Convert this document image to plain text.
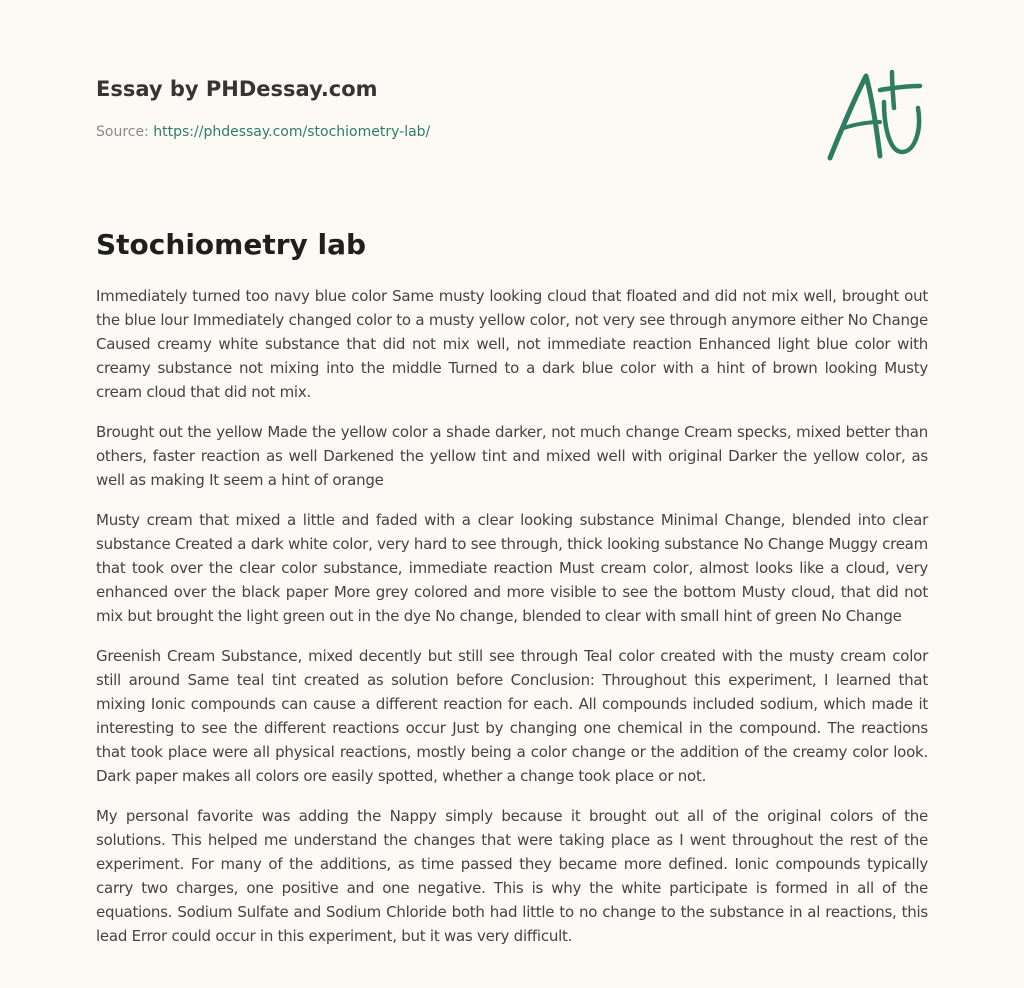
Essay by PHDessay.com
Source: https://phdessay.com/stochiometry-lab/
Stochiometry lab

Immediately turned too navy blue color Same musty looking cloud that floated and did not mix well, brought out the blue lour Immediately changed color to a musty yellow color, not very see through anymore either No Change Caused creamy white substance that did not mix well, not immediate reaction Enhanced light blue color with creamy substance not mixing into the middle Turned to a dark blue color with a hint of brown looking Musty cream cloud that did not mix.

Brought out the yellow Made the yellow color a shade darker, not much change Cream specks, mixed better than others, faster reaction as well Darkened the yellow tint and mixed well with original Darker the yellow color, as well as making It seem a hint of orange

Musty cream that mixed a little and faded with a clear looking substance Minimal Change, blended into clear substance Created a dark white color, very hard to see through, thick looking substance No Change Muggy cream that took over the clear color substance, immediate reaction Must cream color, almost looks like a cloud, very enhanced over the black paper More grey colored and more visible to see the bottom Musty cloud, that did not mix but brought the light green out in the dye No change, blended to clear with small hint of green No Change

Greenish Cream Substance, mixed decently but still see through Teal color created with the musty cream color still around Same teal tint created as solution before Conclusion: Throughout this experiment, I learned that mixing Ionic compounds can cause a different reaction for each. All compounds included sodium, which made it interesting to see the different reactions occur Just by changing one chemical in the compound. The reactions that took place were all physical reactions, mostly being a color change or the addition of the creamy color look. Dark paper makes all colors ore easily spotted, whether a change took place or not.

My personal favorite was adding the Nappy simply because it brought out all of the original colors of the solutions. This helped me understand the changes that were taking place as I went throughout the rest of the experiment. For many of the additions, as time passed they became more defined. Ionic compounds typically carry two charges, one positive and one negative. This is why the white participate is formed in all of the equations. Sodium Sulfate and Sodium Chloride both had little to no change to the substance in al reactions, this lead Error could occur in this experiment, but it was very difficult.
